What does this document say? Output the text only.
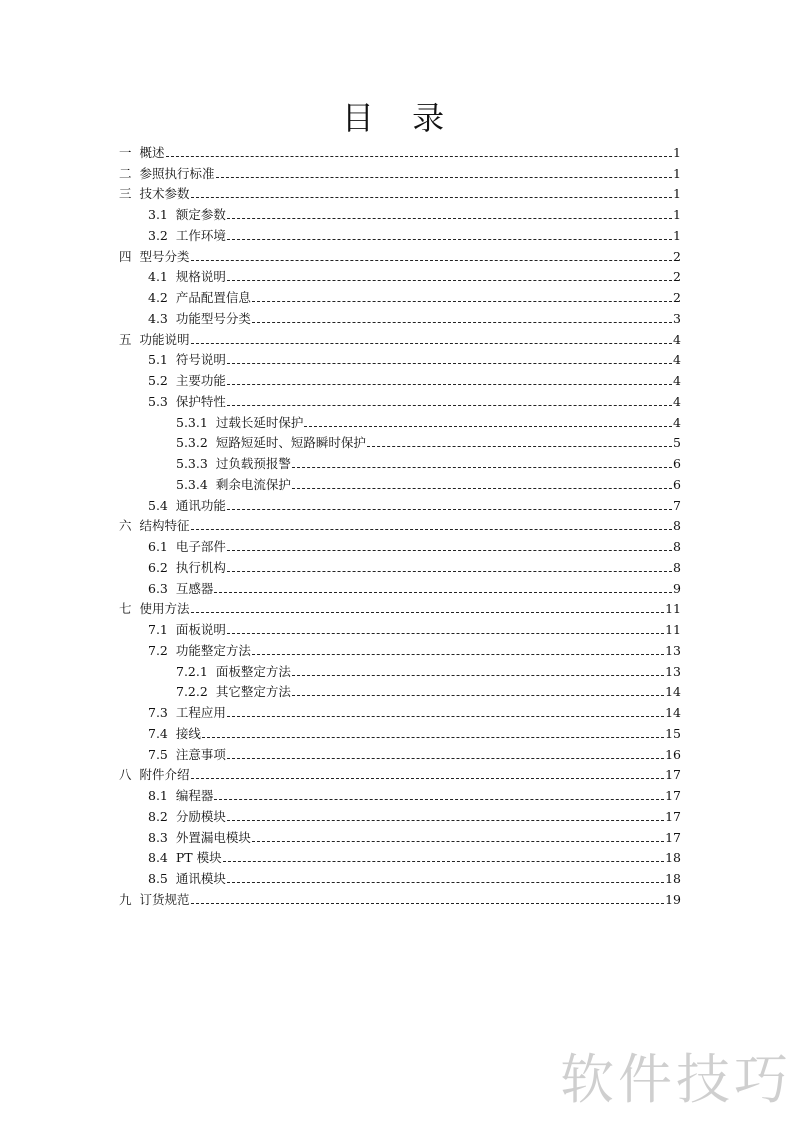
目 录
一 概述	1
二 参照执行标准	1
三 技术参数	1
3.1 额定参数	1
3.2 工作环境	1
四 型号分类	2
4.1 规格说明	2
4.2 产品配置信息	2
4.3 功能型号分类	3
五 功能说明	4
5.1 符号说明	4
5.2 主要功能	4
5.3 保护特性	4
5.3.1 过载长延时保护	4
5.3.2 短路短延时、短路瞬时保护	5
5.3.3 过负载预报警	6
5.3.4 剩余电流保护	6
5.4 通讯功能	7
六 结构特征	8
6.1 电子部件	8
6.2 执行机构	8
6.3 互感器	9
七 使用方法	11
7.1 面板说明	11
7.2 功能整定方法	13
7.2.1 面板整定方法	13
7.2.2 其它整定方法	14
7.3 工程应用	14
7.4 接线	15
7.5 注意事项	16
八 附件介绍	17
8.1 编程器	17
8.2 分励模块	17
8.3 外置漏电模块	17
8.4 PT 模块	18
8.5 通讯模块	18
九 订货规范	19
软件技巧
